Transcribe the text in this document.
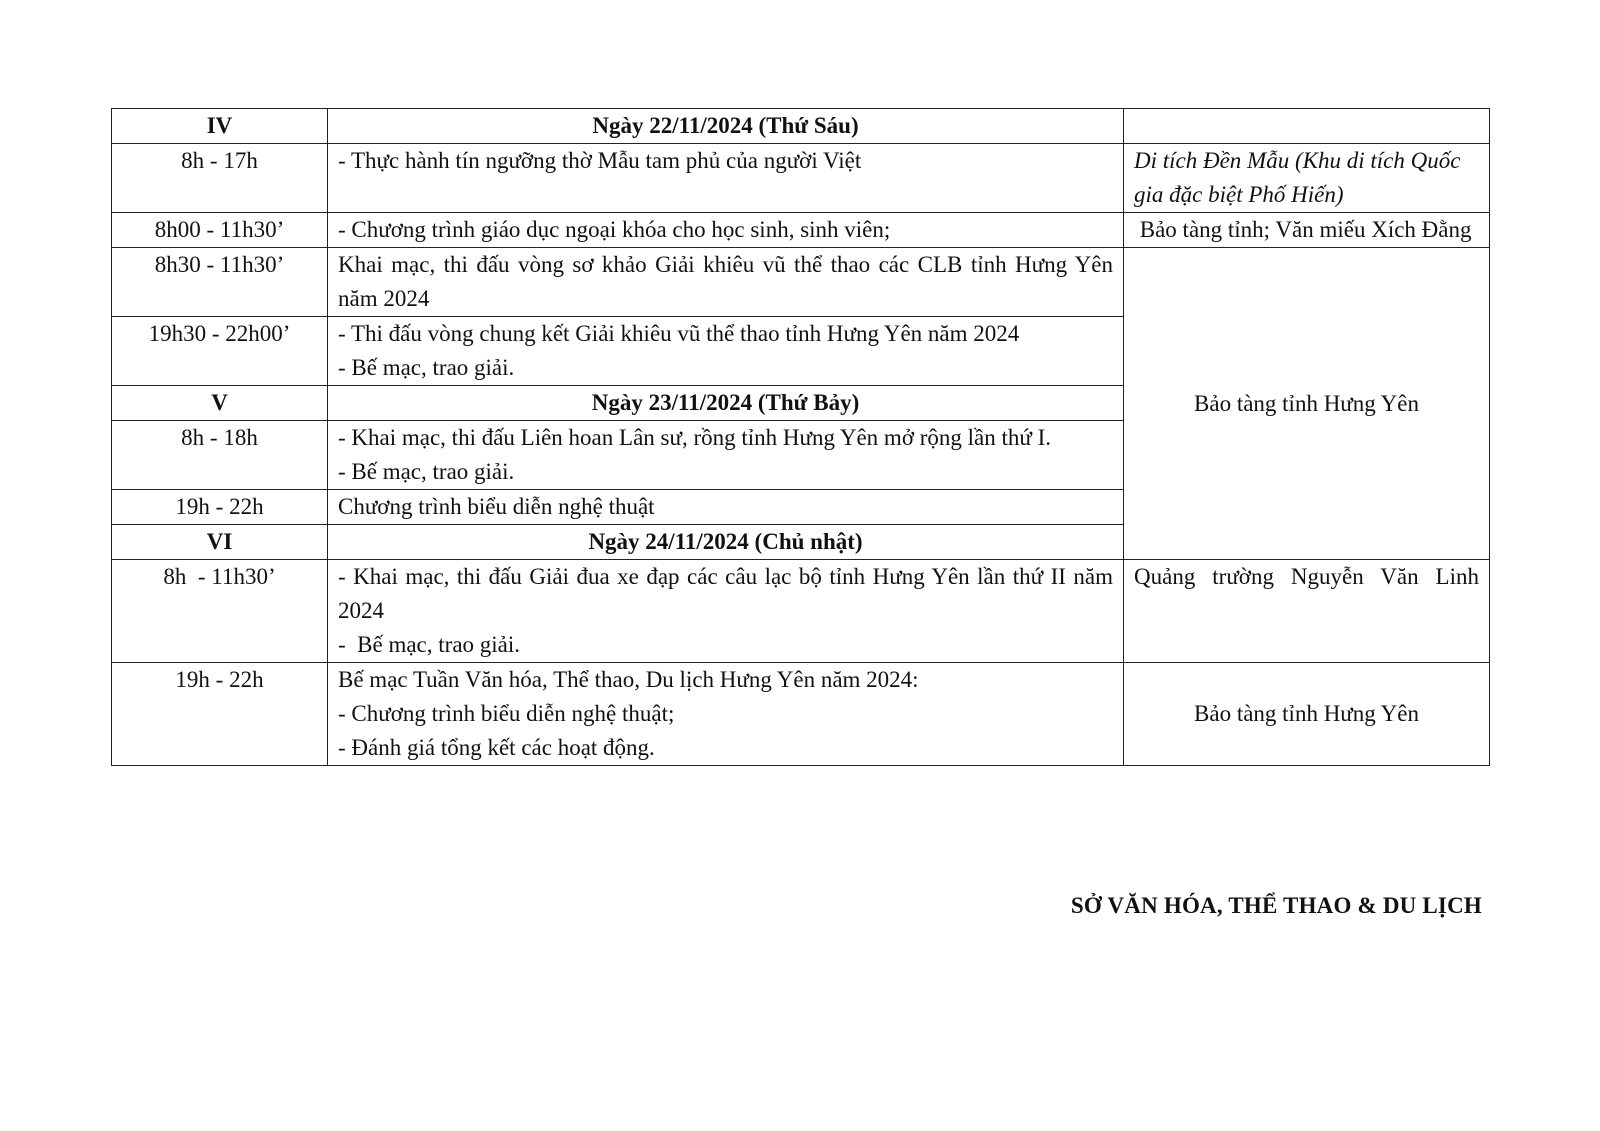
IV	Ngày 22/11/2024 (Thứ Sáu)		
8h - 17h	- Thực hành tín ngưỡng thờ Mẫu tam phủ của người Việt	Di tích Đền Mẫu (Khu di tích Quốc gia đặc biệt Phố Hiến)	
8h00 - 11h30’	- Chương trình giáo dục ngoại khóa cho học sinh, sinh viên;	Bảo tàng tỉnh; Văn miếu Xích Đằng	
8h30 - 11h30’	Khai mạc, thi đấu vòng sơ khảo Giải khiêu vũ thể thao các CLB tỉnh Hưng Yên năm 2024	Bảo tàng tỉnh Hưng Yên	
19h30 - 22h00’	- Thi đấu vòng chung kết Giải khiêu vũ thể thao tỉnh Hưng Yên năm 2024
- Bế mạc, trao giải.		

V	Ngày 23/11/2024 (Thứ Bảy)		
8h - 18h	- Khai mạc, thi đấu Liên hoan Lân sư, rồng tỉnh Hưng Yên mở rộng lần thứ I.
- Bế mạc, trao giải.		

19h - 22h	Chương trình biểu diễn nghệ thuật		

VI	Ngày 24/11/2024 (Chủ nhật)		
8h  - 11h30’	- Khai mạc, thi đấu Giải đua xe đạp các câu lạc bộ tỉnh Hưng Yên lần thứ II năm 2024
-  Bế mạc, trao giải.	Quảng trường Nguyễn Văn Linh	

19h - 22h	Bế mạc Tuần Văn hóa, Thể thao, Du lịch Hưng Yên năm 2024:
- Chương trình biểu diễn nghệ thuật;
- Đánh giá tổng kết các hoạt động.	Bảo tàng tỉnh Hưng Yên	
SỞ VĂN HÓA, THỂ THAO & DU LỊCH
